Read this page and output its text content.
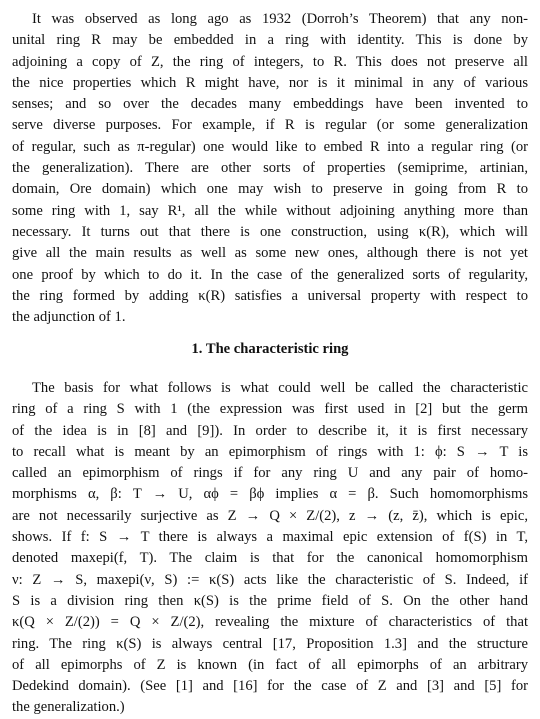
It was observed as long ago as 1932 (Dorroh’s Theorem) that any non-
unital ring R may be embedded in a ring with identity. This is done by
adjoining a copy of Z, the ring of integers, to R. This does not preserve all
the nice properties which R might have, nor is it minimal in any of various
senses; and so over the decades many embeddings have been invented to
serve diverse purposes. For example, if R is regular (or some generalization
of regular, such as π-regular) one would like to embed R into a regular ring (or
the generalization). There are other sorts of properties (semiprime, artinian,
domain, Ore domain) which one may wish to preserve in going from R to
some ring with 1, say R¹, all the while without adjoining anything more than
necessary. It turns out that there is one construction, using κ(R), which will
give all the main results as well as some new ones, although there is not yet
one proof by which to do it. In the case of the generalized sorts of regularity,
the ring formed by adding κ(R) satisfies a universal property with respect to
the adjunction of 1.
1. The characteristic ring
The basis for what follows is what could well be called the characteristic
ring of a ring S with 1 (the expression was first used in [2] but the germ
of the idea is in [8] and [9]). In order to describe it, it is first necessary
to recall what is meant by an epimorphism of rings with 1: ϕ: S → T is
called an epimorphism of rings if for any ring U and any pair of homo-
morphisms α, β: T → U, αϕ = βϕ implies α = β. Such homomorphisms
are not necessarily surjective as Z → Q × Z/(2), z → (z, z̄), which is epic,
shows. If f: S → T there is always a maximal epic extension of f(S) in T,
denoted maxepi(f, T). The claim is that for the canonical homomorphism
ν: Z → S, maxepi(ν, S) := κ(S) acts like the characteristic of S. Indeed, if
S is a division ring then κ(S) is the prime field of S. On the other hand
κ(Q × Z/(2)) = Q × Z/(2), revealing the mixture of characteristics of that
ring. The ring κ(S) is always central [17, Proposition 1.3] and the structure
of all epimorphs of Z is known (in fact of all epimorphs of an arbitrary
Dedekind domain). (See [1] and [16] for the case of Z and [3] and [5] for
the generalization.)
